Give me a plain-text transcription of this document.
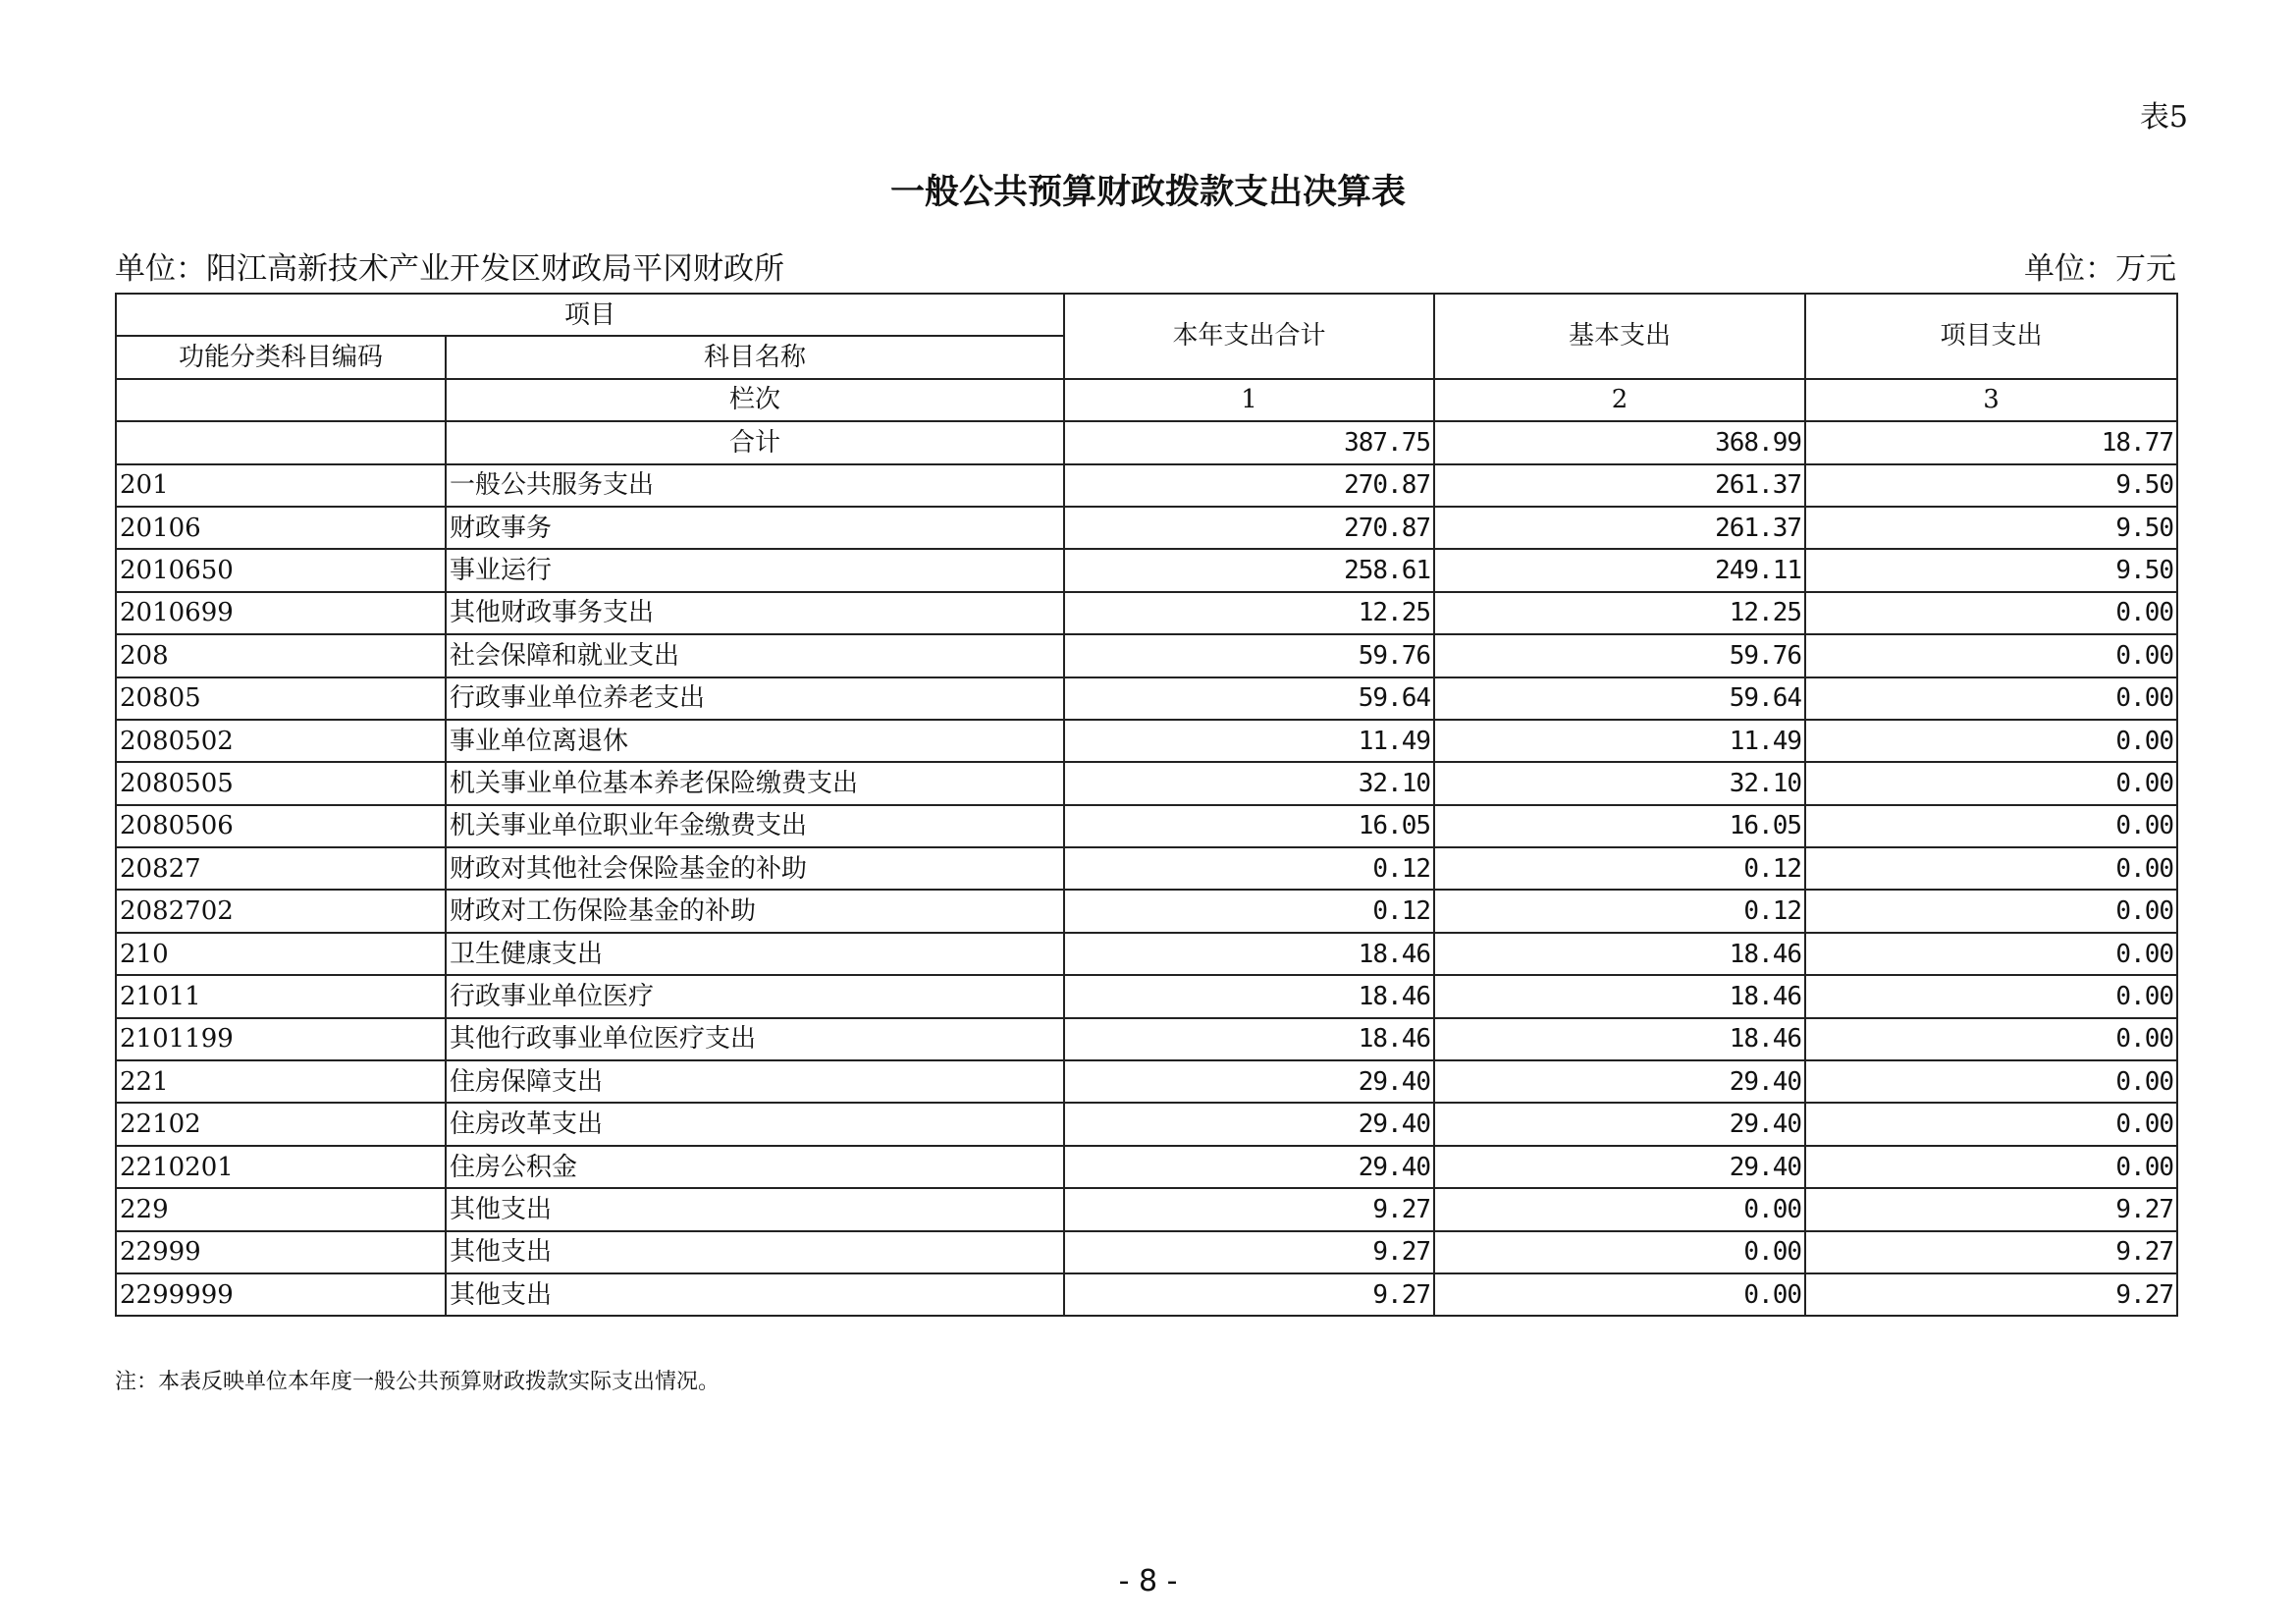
表5
一般公共预算财政拨款支出决算表
单位：阳江高新技术产业开发区财政局平冈财政所	单位：万元
项目		本年支出合计	基本支出	项目支出
功能分类科目编码	科目名称			
	栏次	1	2	3
	合计	387.75	368.99	18.77
201	一般公共服务支出	270.87	261.37	9.50
20106	财政事务	270.87	261.37	9.50
2010650	事业运行	258.61	249.11	9.50
2010699	其他财政事务支出	12.25	12.25	0.00
208	社会保障和就业支出	59.76	59.76	0.00
20805	行政事业单位养老支出	59.64	59.64	0.00
2080502	事业单位离退休	11.49	11.49	0.00
2080505	机关事业单位基本养老保险缴费支出	32.10	32.10	0.00
2080506	机关事业单位职业年金缴费支出	16.05	16.05	0.00
20827	财政对其他社会保险基金的补助	0.12	0.12	0.00
2082702	财政对工伤保险基金的补助	0.12	0.12	0.00
210	卫生健康支出	18.46	18.46	0.00
21011	行政事业单位医疗	18.46	18.46	0.00
2101199	其他行政事业单位医疗支出	18.46	18.46	0.00
221	住房保障支出	29.40	29.40	0.00
22102	住房改革支出	29.40	29.40	0.00
2210201	住房公积金	29.40	29.40	0.00
229	其他支出	9.27	0.00	9.27
22999	其他支出	9.27	0.00	9.27
2299999	其他支出	9.27	0.00	9.27
注：本表反映单位本年度一般公共预算财政拨款实际支出情况。
- 8 -
